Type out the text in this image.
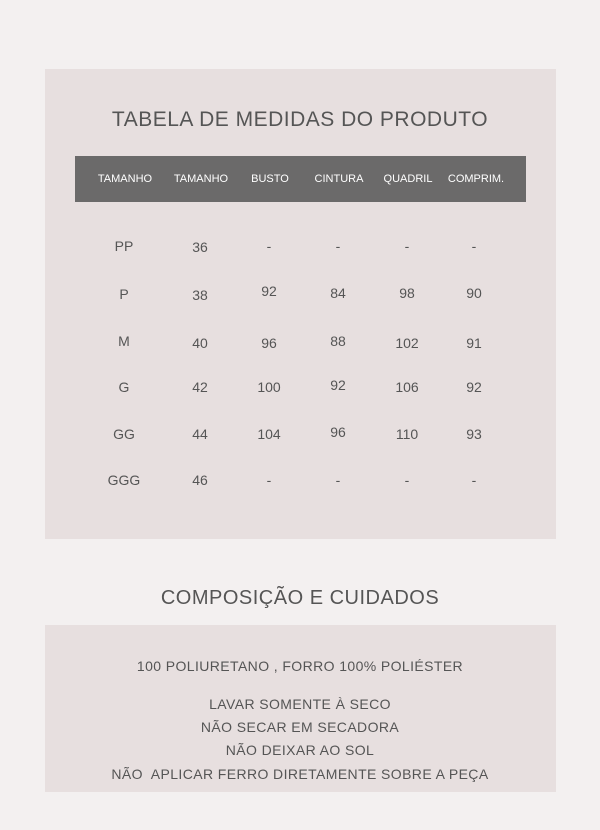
TABELA DE MEDIDAS DO PRODUTO
TAMANHO	TAMANHO	BUSTO	CINTURA	QUADRIL	COMPRIM.
PP	36	-	-	-	-
P	38	92	84	98	90
M	40	96	88	102	91
G	42	100	92	106	92
GG	44	104	96	110	93
GGG	46	-	-	-	-
COMPOSIÇÃO E CUIDADOS
100 POLIURETANO , FORRO 100% POLIÉSTER
LAVAR SOMENTE À SECO
NÃO SECAR EM SECADORA
NÃO DEIXAR AO SOL
NÃO  APLICAR FERRO DIRETAMENTE SOBRE A PEÇA
